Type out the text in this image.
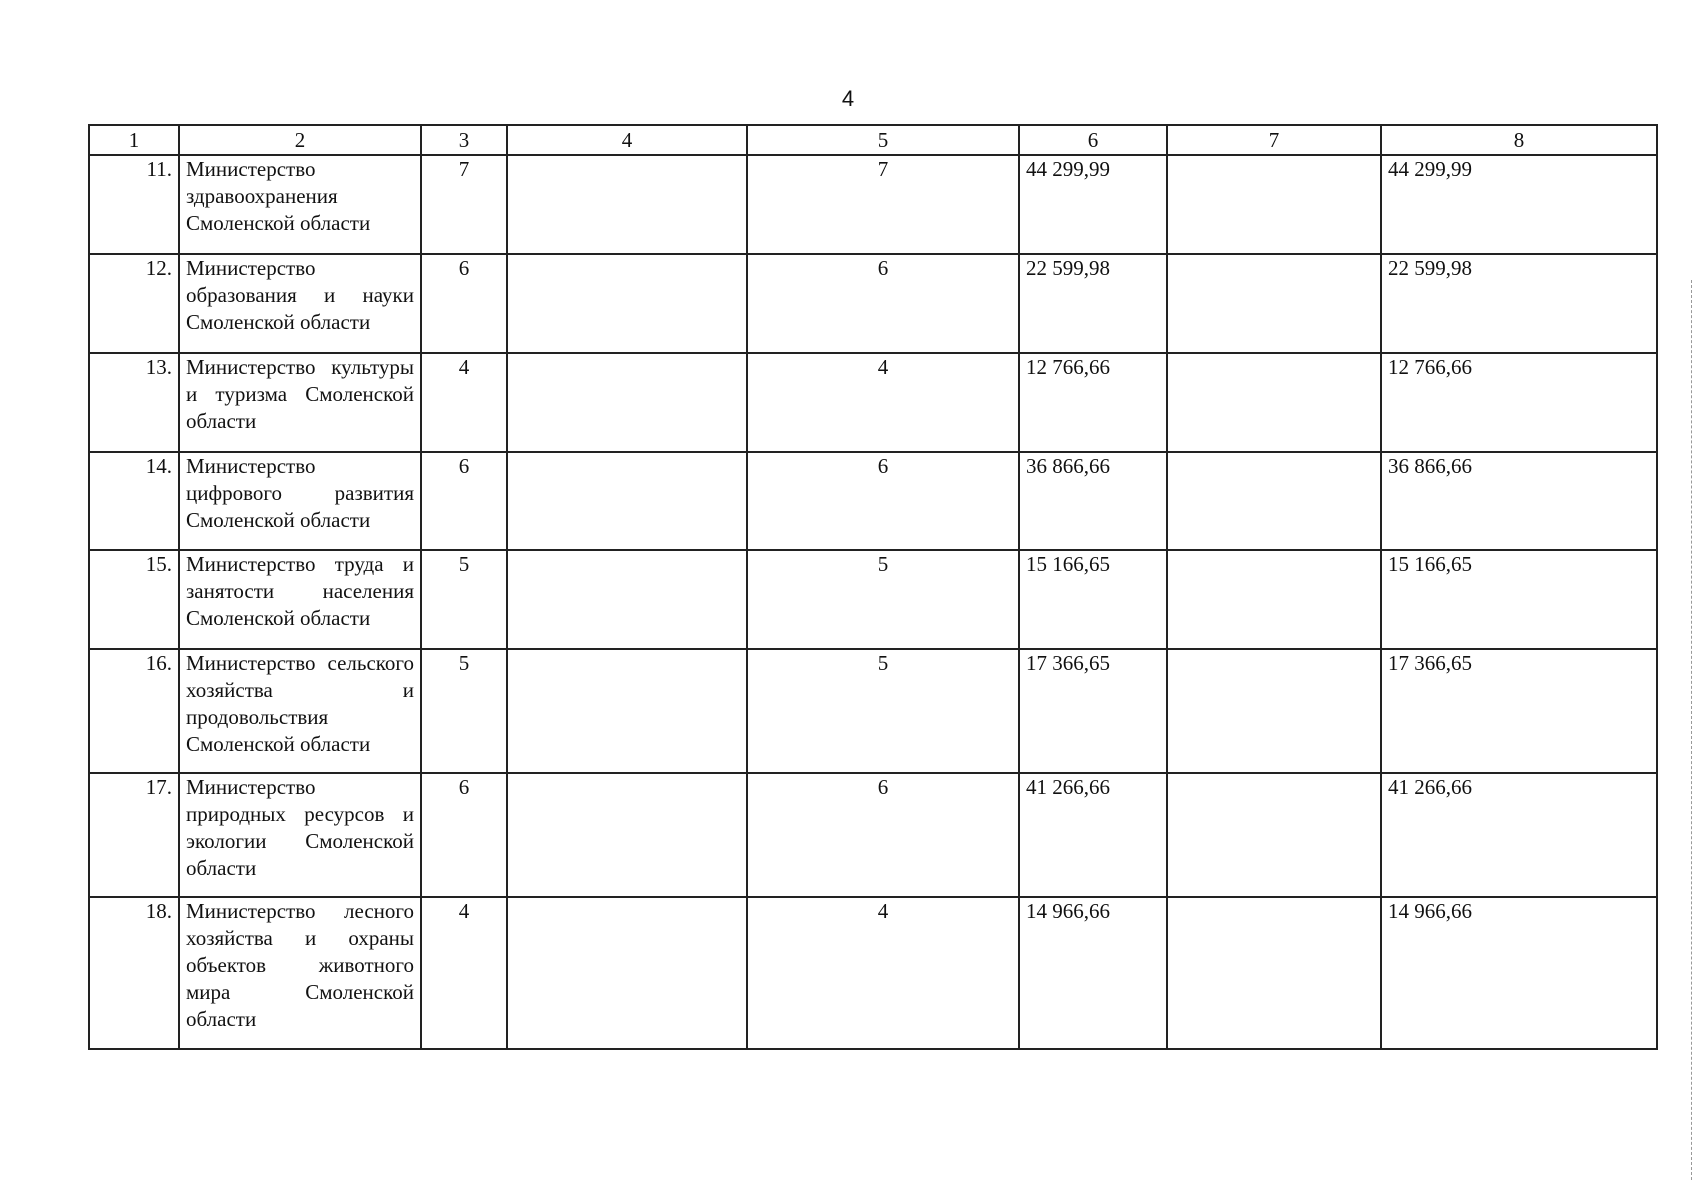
4
1	2	3	4	5	6	7	8
11.	Министерство здравоохранения Смоленской области	7		7	44 299,99		44 299,99
12.	Министерство образования и науки Смоленской области	6		6	22 599,98		22 599,98
13.	Министерство культуры и туризма Смоленской области	4		4	12 766,66		12 766,66
14.	Министерство цифрового развития Смоленской области	6		6	36 866,66		36 866,66
15.	Министерство труда и занятости населения Смоленской области	5		5	15 166,65		15 166,65
16.	Министерство сельского хозяйства и продовольствия Смоленской области	5		5	17 366,65		17 366,65
17.	Министерство природных ресурсов и экологии Смоленской области	6		6	41 266,66		41 266,66
18.	Министерство лесного хозяйства и охраны объектов животного мира Смоленской области	4		4	14 966,66		14 966,66
